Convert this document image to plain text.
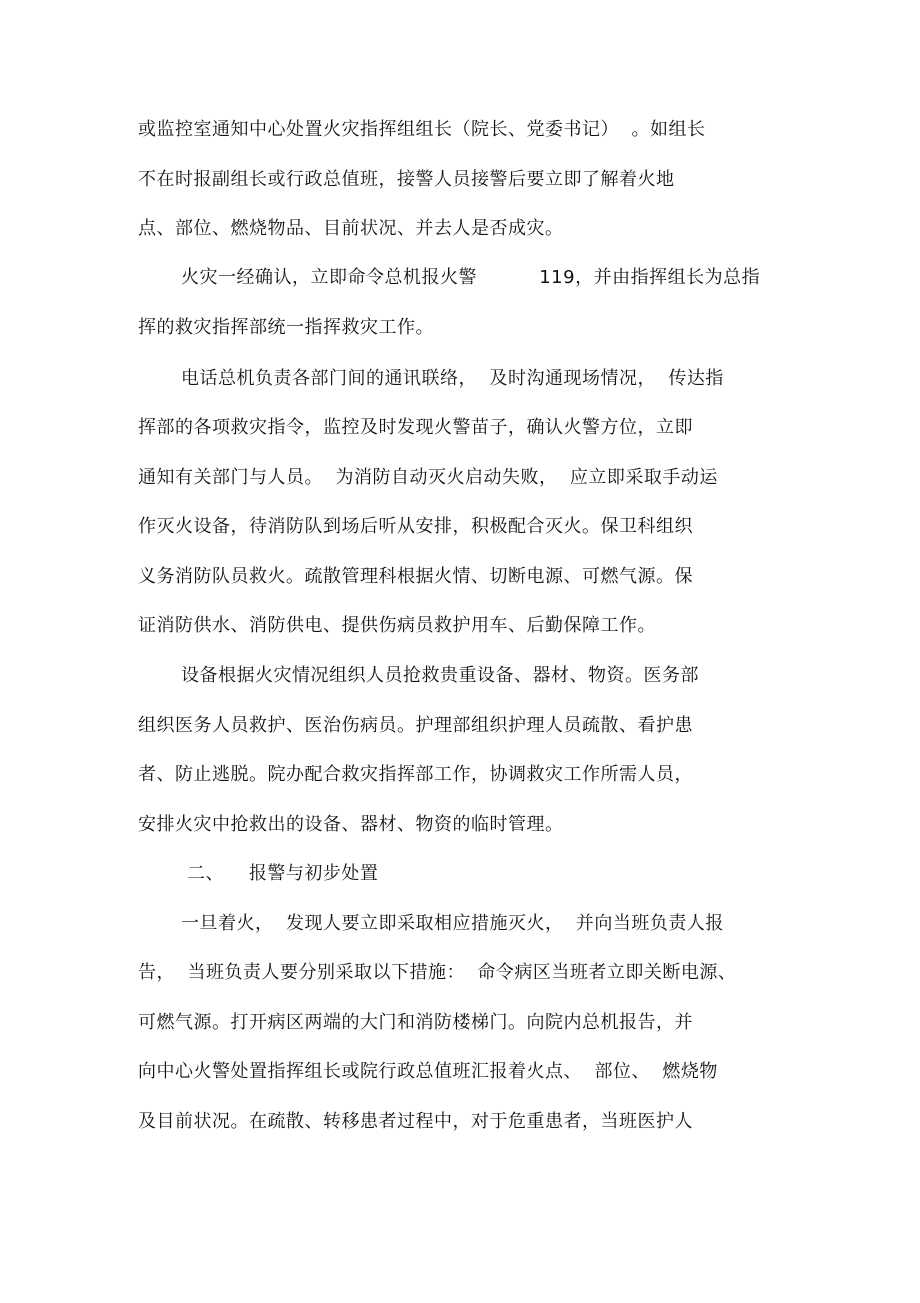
或监控室通知中心处置火灾指挥组组长（院长、党委书记）  。如组长
不在时报副组长或行政总值班，接警人员接警后要立即了解着火地
点、部位、燃烧物品、目前状况、并去人是否成灾。
火灾一经确认，立即命令总机报火警          119，并由指挥组长为总指
挥的救灾指挥部统一指挥救灾工作。
电话总机负责各部门间的通讯联络，  及时沟通现场情况，  传达指
挥部的各项救灾指令，监控及时发现火警苗子，确认火警方位，立即
通知有关部门与人员。  为消防自动灭火启动失败，  应立即采取手动运
作灭火设备，待消防队到场后听从安排，积极配合灭火。保卫科组织
义务消防队员救火。疏散管理科根据火情、切断电源、可燃气源。保
证消防供水、消防供电、提供伤病员救护用车、后勤保障工作。
设备根据火灾情况组织人员抢救贵重设备、器材、物资。医务部
组织医务人员救护、医治伤病员。护理部组织护理人员疏散、看护患
者、防止逃脱。院办配合救灾指挥部工作，协调救灾工作所需人员，
安排火灾中抢救出的设备、器材、物资的临时管理。
二、    报警与初步处置
一旦着火，  发现人要立即采取相应措施灭火，  并向当班负责人报
告，  当班负责人要分别采取以下措施：  命令病区当班者立即关断电源、
可燃气源。打开病区两端的大门和消防楼梯门。向院内总机报告，并
向中心火警处置指挥组长或院行政总值班汇报着火点、  部位、  燃烧物
及目前状况。在疏散、转移患者过程中，对于危重患者，当班医护人
